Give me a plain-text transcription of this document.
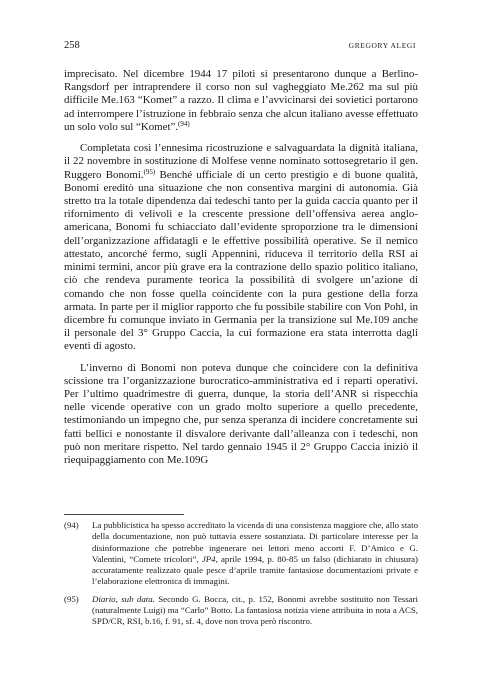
258	GREGORY ALEGI

imprecisato. Nel dicembre 1944 17 piloti si presentarono dunque a Berlino-Rangsdorf per intraprendere il corso non sul vagheggiato Me.262 ma sul più difficile Me.163 “Komet” a razzo. Il clima e l’avvicinarsi dei sovietici portarono ad interrompere l’istruzione in febbraio senza che alcun italiano avesse effettuato un solo volo sul “Komet”.$^{(94)}$

Completata così l’ennesima ricostruzione e salvaguardata la dignità italiana, il 22 novembre in sostituzione di Molfese venne nominato sottosegretario il gen. Ruggero Bonomi.$^{(95)}$ Benché ufficiale di un certo prestigio e di buone qualità, Bonomi ereditò una situazione che non consentiva margini di autonomia. Già stretto tra la totale dipendenza dai tedeschi tanto per la guida caccia quanto per il rifornimento di velivoli e la crescente pressione dell’offensiva aerea anglo-americana, Bonomi fu schiacciato dall’evidente sproporzione tra le dimensioni dell’organizzazione affidatagli e le effettive possibilità operative. Se il nemico attestato, ancorché fermo, sugli Appennini, riduceva il territorio della RSI ai minimi termini, ancor più grave era la contrazione dello spazio politico italiano, ciò che rendeva puramente teorica la possibilità di svolgere un’azione di comando che non fosse quella coincidente con la pura gestione della forza armata. In parte per il miglior rapporto che fu possibile stabilire con Von Pohl, in dicembre fu comunque inviato in Germania per la transizione sul Me.109 anche il personale del 3° Gruppo Caccia, la cui formazione era stata interrotta dagli eventi di agosto.

L’inverno di Bonomi non poteva dunque che coincidere con la definitiva scissione tra l’organizzazione burocratico-amministrativa ed i reparti operativi. Per l’ultimo quadrimestre di guerra, dunque, la storia dell’ANR si rispecchia nelle vicende operative con un grado molto superiore a quello precedente, testimoniando un impegno che, pur senza speranza di incidere concretamente sui fatti bellici e nonostante il disvalore derivante dall’alleanza con i tedeschi, non può non meritare rispetto. Nel tardo gennaio 1945 il 2° Gruppo Caccia iniziò il riequipaggiamento con Me.109G

(94) La pubblicistica ha spesso accreditato la vicenda di una consistenza maggiore che, allo stato della documentazione, non può tuttavia essere sostanziata. Di particolare interesse per la disinformazione che potrebbe ingenerare nei lettori meno accorti F. D’Amico e G. Valentini, “Comete tricolori”, JP4, aprile 1994, p. 80-85 un falso (dichiarato in chiusura) accuratamente realizzato quale pesce d’aprile tramite fantasiose documentazioni private e l’elaborazione elettronica di immagini.
(95) Diario, sub data. Secondo G. Bocca, cit., p. 152, Bonomi avrebbe sostituito non Tessari (naturalmente Luigi) ma “Carlo” Botto. La fantasiosa notizia viene attribuita in nota a ACS, SPD/CR, RSI, b.16, f. 91, sf. 4, dove non trova però riscontro.
